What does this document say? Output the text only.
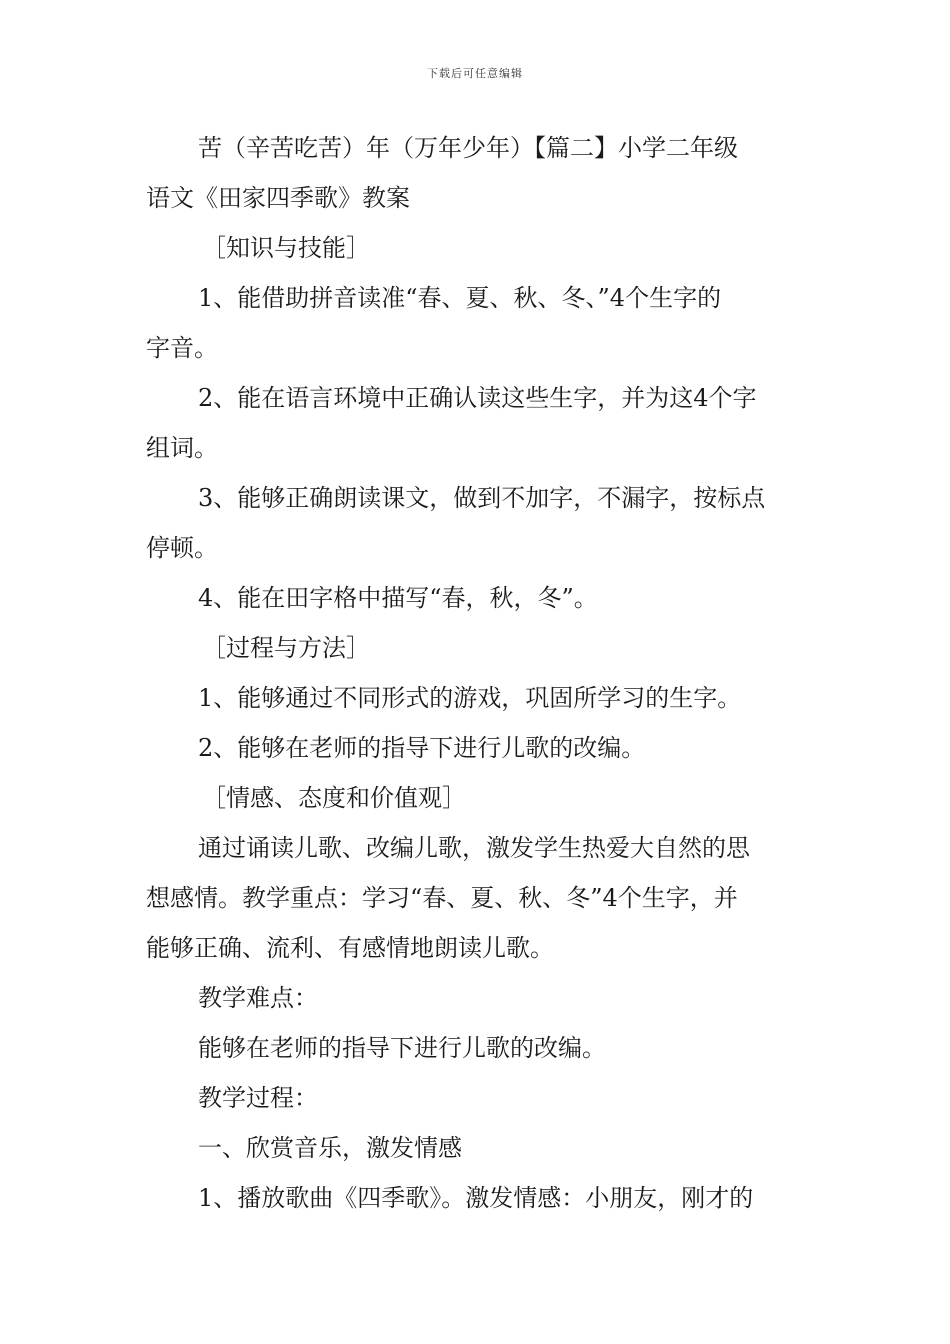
下载后可任意编辑
苦（辛苦吃苦）年（万年少年）【篇二】小学二年级
语文《田家四季歌》教案
［知识与技能］
1、能借助拼音读准“春、夏、秋、冬、”4个生字的
字音。
2、能在语言环境中正确认读这些生字，并为这4个字
组词。
3、能够正确朗读课文，做到不加字，不漏字，按标点
停顿。
4、能在田字格中描写“春，秋，冬”。
［过程与方法］
1、能够通过不同形式的游戏，巩固所学习的生字。
2、能够在老师的指导下进行儿歌的改编。
［情感、态度和价值观］
通过诵读儿歌、改编儿歌，激发学生热爱大自然的思
想感情。教学重点：学习“春、夏、秋、冬”4个生字，并
能够正确、流利、有感情地朗读儿歌。
教学难点：
能够在老师的指导下进行儿歌的改编。
教学过程：
一、欣赏音乐，激发情感
1、播放歌曲《四季歌》。激发情感：小朋友，刚才的
